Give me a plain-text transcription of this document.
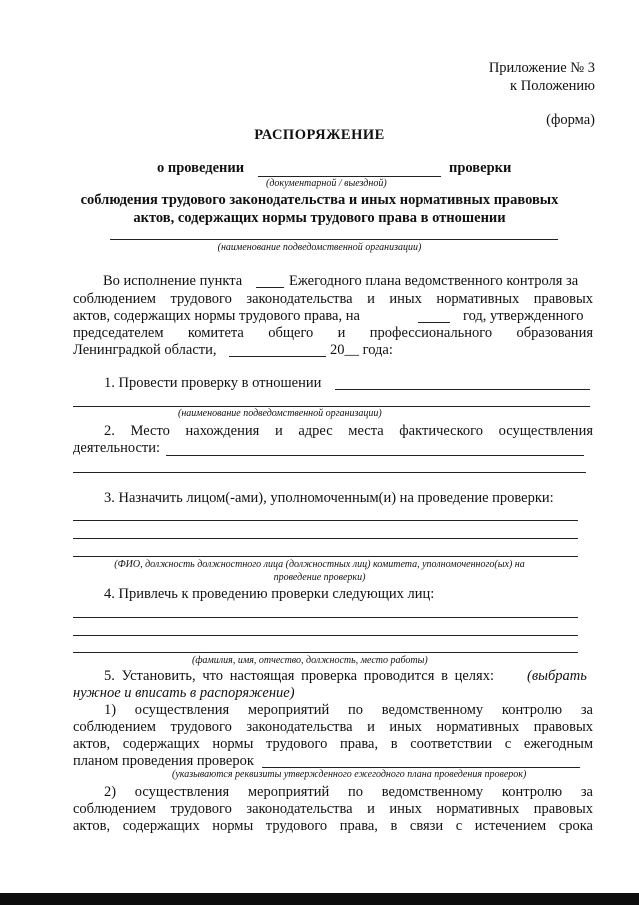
Приложение № 3
к Положению
(форма)
РАСПОРЯЖЕНИЕ
о проведении	проверки
(документарной / выездной)
соблюдения трудового законодательства и иных нормативных правовых
актов, содержащих нормы трудового права в отношении
(наименование подведомственной организации)
Во исполнение пункта	Ежегодного плана ведомственного контроля за
соблюдением трудового законодательства и иных нормативных правовых
актов, содержащих нормы трудового права, на	год, утвержденного
председателем комитета общего и профессионального образования
Ленинградкой области,	20__ года:
1. Провести проверку в отношении
(наименование подведомственной организации)
2. Место нахождения и адрес места фактического осуществления
деятельности:
3. Назначить лицом(-ами), уполномоченным(и) на проведение проверки:
(ФИО, должность должностного лица (должностных лиц) комитета, уполномоченного(ых) на
проведение проверки)
4. Привлечь к проведению проверки следующих лиц:
(фамилия, имя, отчество, должность, место работы)
5. Установить, что настоящая проверка проводится в целях: (выбрать
нужное и вписать в распоряжение)
1) осуществления мероприятий по ведомственному контролю за
соблюдением трудового законодательства и иных нормативных правовых
актов, содержащих нормы трудового права, в соответствии с ежегодным
планом проведения проверок
(указываются реквизиты утвержденного ежегодного плана проведения проверок)
2) осуществления мероприятий по ведомственному контролю за
соблюдением трудового законодательства и иных нормативных правовых
актов, содержащих нормы трудового права, в связи с истечением срока
